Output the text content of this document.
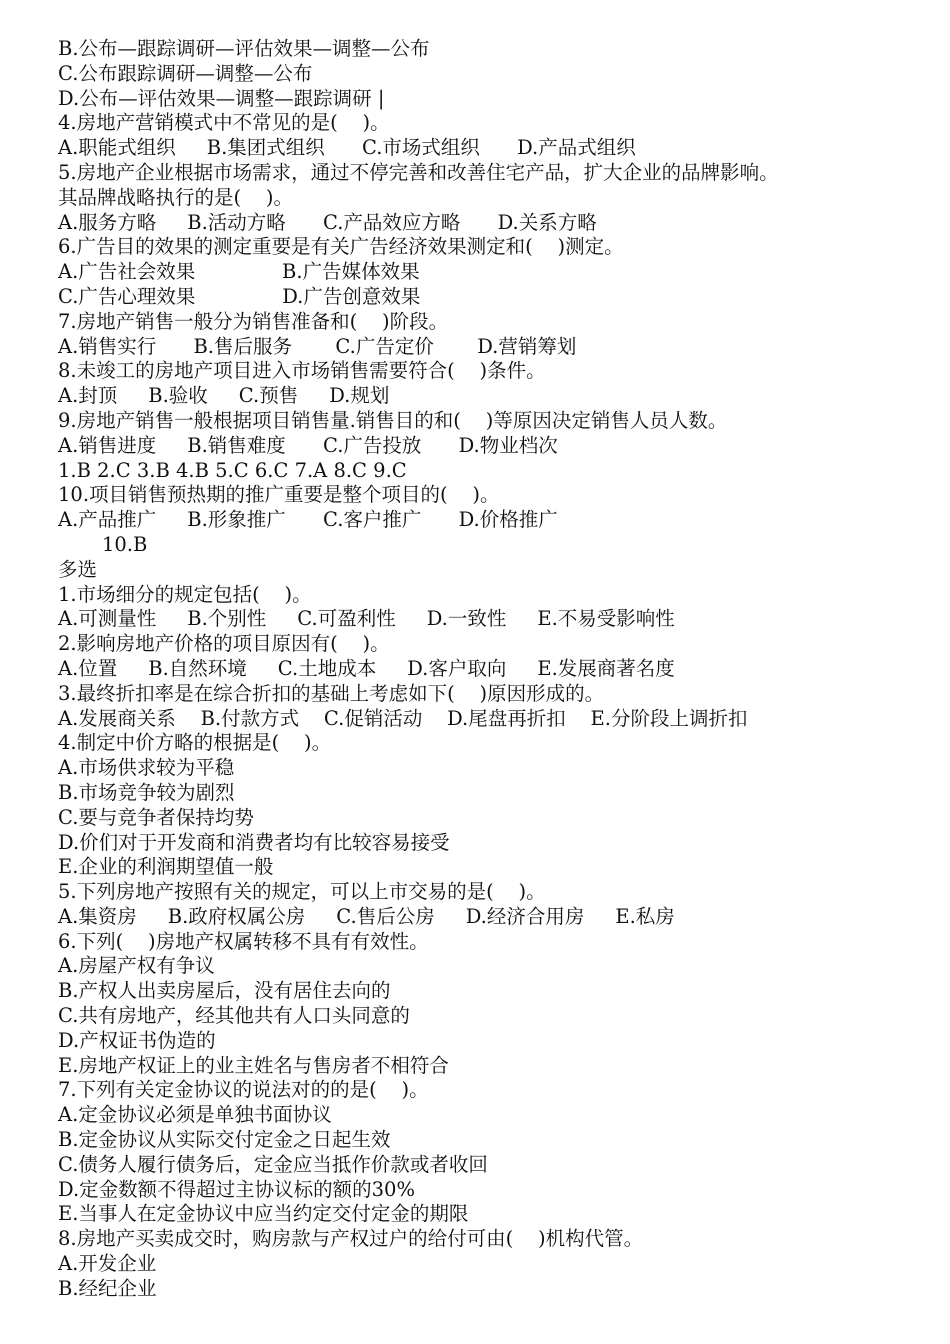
B.公布—跟踪调研—评估效果—调整—公布
C.公布跟踪调研—调整—公布
D.公布—评估效果—调整—跟踪调研 |
4.房地产营销模式中不常见的是(    )。
A.职能式组织     B.集团式组织      C.市场式组织      D.产品式组织
5.房地产企业根据市场需求，通过不停完善和改善住宅产品，扩大企业的品牌影响。
其品牌战略执行的是(    )。
A.服务方略     B.活动方略      C.产品效应方略      D.关系方略
6.广告目的效果的测定重要是有关广告经济效果测定和(    )测定。
A.广告社会效果              B.广告媒体效果
C.广告心理效果              D.广告创意效果
7.房地产销售一般分为销售准备和(    )阶段。
A.销售实行      B.售后服务       C.广告定价       D.营销筹划
8.未竣工的房地产项目进入市场销售需要符合(    )条件。
A.封顶     B.验收     C.预售     D.规划
9.房地产销售一般根据项目销售量.销售目的和(    )等原因决定销售人员人数。
A.销售进度     B.销售难度      C.广告投放      D.物业档次
1.B 2.C 3.B 4.B 5.C 6.C 7.A 8.C 9.C
10.项目销售预热期的推广重要是整个项目的(    )。
A.产品推广     B.形象推广      C.客户推广      D.价格推广
10.B
多选
1.市场细分的规定包括(    )。
A.可测量性     B.个别性     C.可盈利性     D.一致性     E.不易受影响性
2.影响房地产价格的项目原因有(    )。
A.位置     B.自然环境     C.土地成本     D.客户取向     E.发展商著名度
3.最终折扣率是在综合折扣的基础上考虑如下(    )原因形成的。
A.发展商关系    B.付款方式    C.促销活动    D.尾盘再折扣    E.分阶段上调折扣
4.制定中价方略的根据是(    )。
A.市场供求较为平稳
B.市场竞争较为剧烈
C.要与竞争者保持均势
D.价们对于开发商和消费者均有比较容易接受
E.企业的利润期望值一般
5.下列房地产按照有关的规定，可以上市交易的是(    )。
A.集资房     B.政府权属公房     C.售后公房     D.经济合用房     E.私房
6.下列(    )房地产权属转移不具有有效性。
A.房屋产权有争议
B.产权人出卖房屋后，没有居住去向的
C.共有房地产，经其他共有人口头同意的
D.产权证书伪造的
E.房地产权证上的业主姓名与售房者不相符合
7.下列有关定金协议的说法对的的是(    )。
A.定金协议必须是单独书面协议
B.定金协议从实际交付定金之日起生效
C.债务人履行债务后，定金应当抵作价款或者收回
D.定金数额不得超过主协议标的额的30%
E.当事人在定金协议中应当约定交付定金的期限
8.房地产买卖成交时，购房款与产权过户的给付可由(    )机构代管。
A.开发企业
B.经纪企业
